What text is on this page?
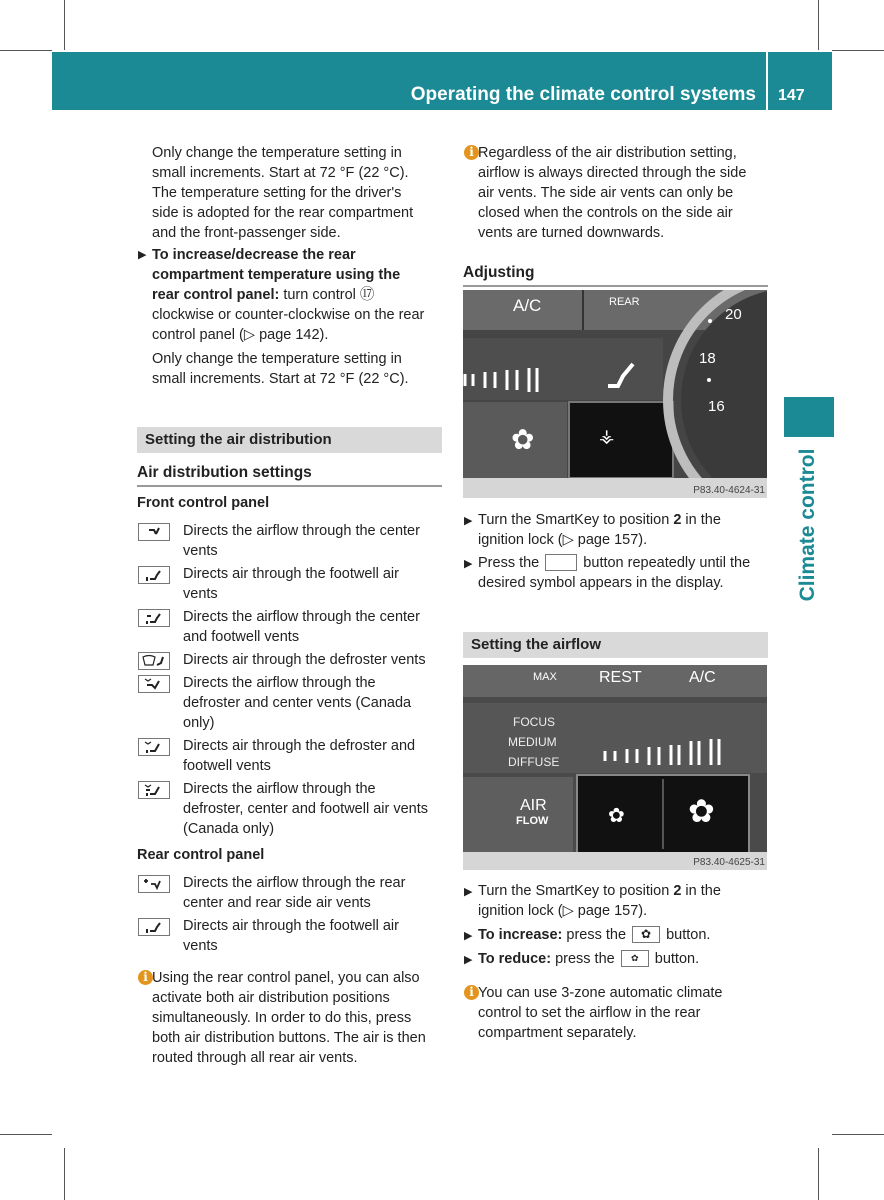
Operating the climate control systems 147
Climate control
Only change the temperature setting in
small increments. Start at 72 °F (22 °C).
The temperature setting for the driver's
side is adopted for the rear compartment
and the front-passenger side.
▶ To increase/decrease the rear
compartment temperature using the
rear control panel: turn control ⑰
clockwise or counter-clockwise on the rear
control panel (▷ page 142).
Only change the temperature setting in
small increments. Start at 72 °F (22 °C).
Setting the air distribution
Air distribution settings
Front control panel
Directs the airflow through the center
vents
Directs air through the footwell air
vents
Directs the airflow through the center
and footwell vents
Directs air through the defroster vents
Directs the airflow through the
defroster and center vents (Canada
only)
Directs air through the defroster and
footwell vents
Directs the airflow through the
defroster, center and footwell air vents
(Canada only)
Rear control panel
Directs the airflow through the rear
center and rear side air vents
Directs air through the footwell air
vents
i Using the rear control panel, you can also
activate both air distribution positions
simultaneously. In order to do this, press
both air distribution buttons. The air is then
routed through all rear air vents.
i Regardless of the air distribution setting,
airflow is always directed through the side
air vents. The side air vents can only be
closed when the controls on the side air
vents are turned downwards.
Adjusting
A/C	REAR
20
18
16
✿	⚶
P83.40-4624-31
▶ Turn the SmartKey to position 2 in the
ignition lock (▷ page 157).
▶ Press the  button repeatedly until the
desired symbol appears in the display.
Setting the airflow
MAX	REST	A/C
FOCUS
MEDIUM
DIFFUSE
AIR
FLOW	✿ ✿
P83.40-4625-31
▶ Turn the SmartKey to position 2 in the
ignition lock (▷ page 157).
▶ To increase: press the ✿ button.
▶ To reduce: press the ✿ button.
i You can use 3-zone automatic climate
control to set the airflow in the rear
compartment separately.
